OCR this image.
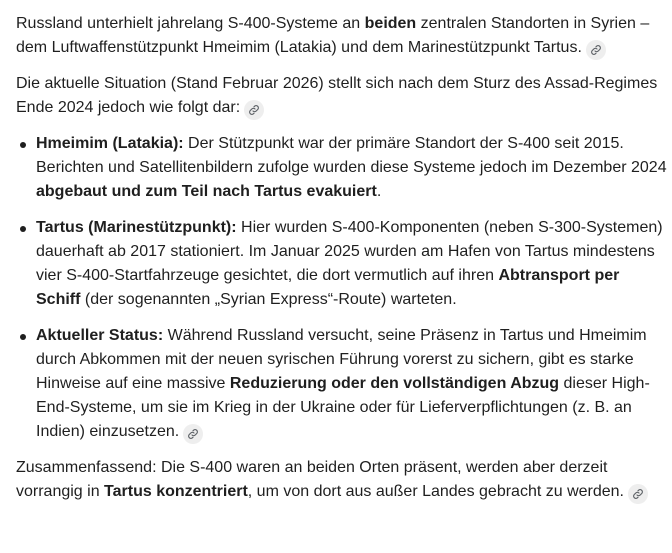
Russland unterhielt jahrelang S-400-Systeme an beiden zentralen Standorten in Syrien – dem Luftwaffenstützpunkt Hmeimim (Latakia) und dem Marinestützpunkt Tartus.

Die aktuelle Situation (Stand Februar 2026) stellt sich nach dem Sturz des Assad-Regimes Ende 2024 jedoch wie folgt dar:

Hmeimim (Latakia): Der Stützpunkt war der primäre Standort der S-400 seit 2015. Berichten und Satellitenbildern zufolge wurden diese Systeme jedoch im Dezember 2024 abgebaut und zum Teil nach Tartus evakuiert.
Tartus (Marinestützpunkt): Hier wurden S-400-Komponenten (neben S-300-Systemen) dauerhaft ab 2017 stationiert. Im Januar 2025 wurden am Hafen von Tartus mindestens vier S-400-Startfahrzeuge gesichtet, die dort vermutlich auf ihren Abtransport per Schiff (der sogenannten „Syrian Express“-Route) warteten.
Aktueller Status: Während Russland versucht, seine Präsenz in Tartus und Hmeimim durch Abkommen mit der neuen syrischen Führung vorerst zu sichern, gibt es starke Hinweise auf eine massive Reduzierung oder den vollständigen Abzug dieser High-End-Systeme, um sie im Krieg in der Ukraine oder für Lieferverpflichtungen (z. B. an Indien) einzusetzen.

Zusammenfassend: Die S-400 waren an beiden Orten präsent, werden aber derzeit vorrangig in Tartus konzentriert, um von dort aus außer Landes gebracht zu werden.
